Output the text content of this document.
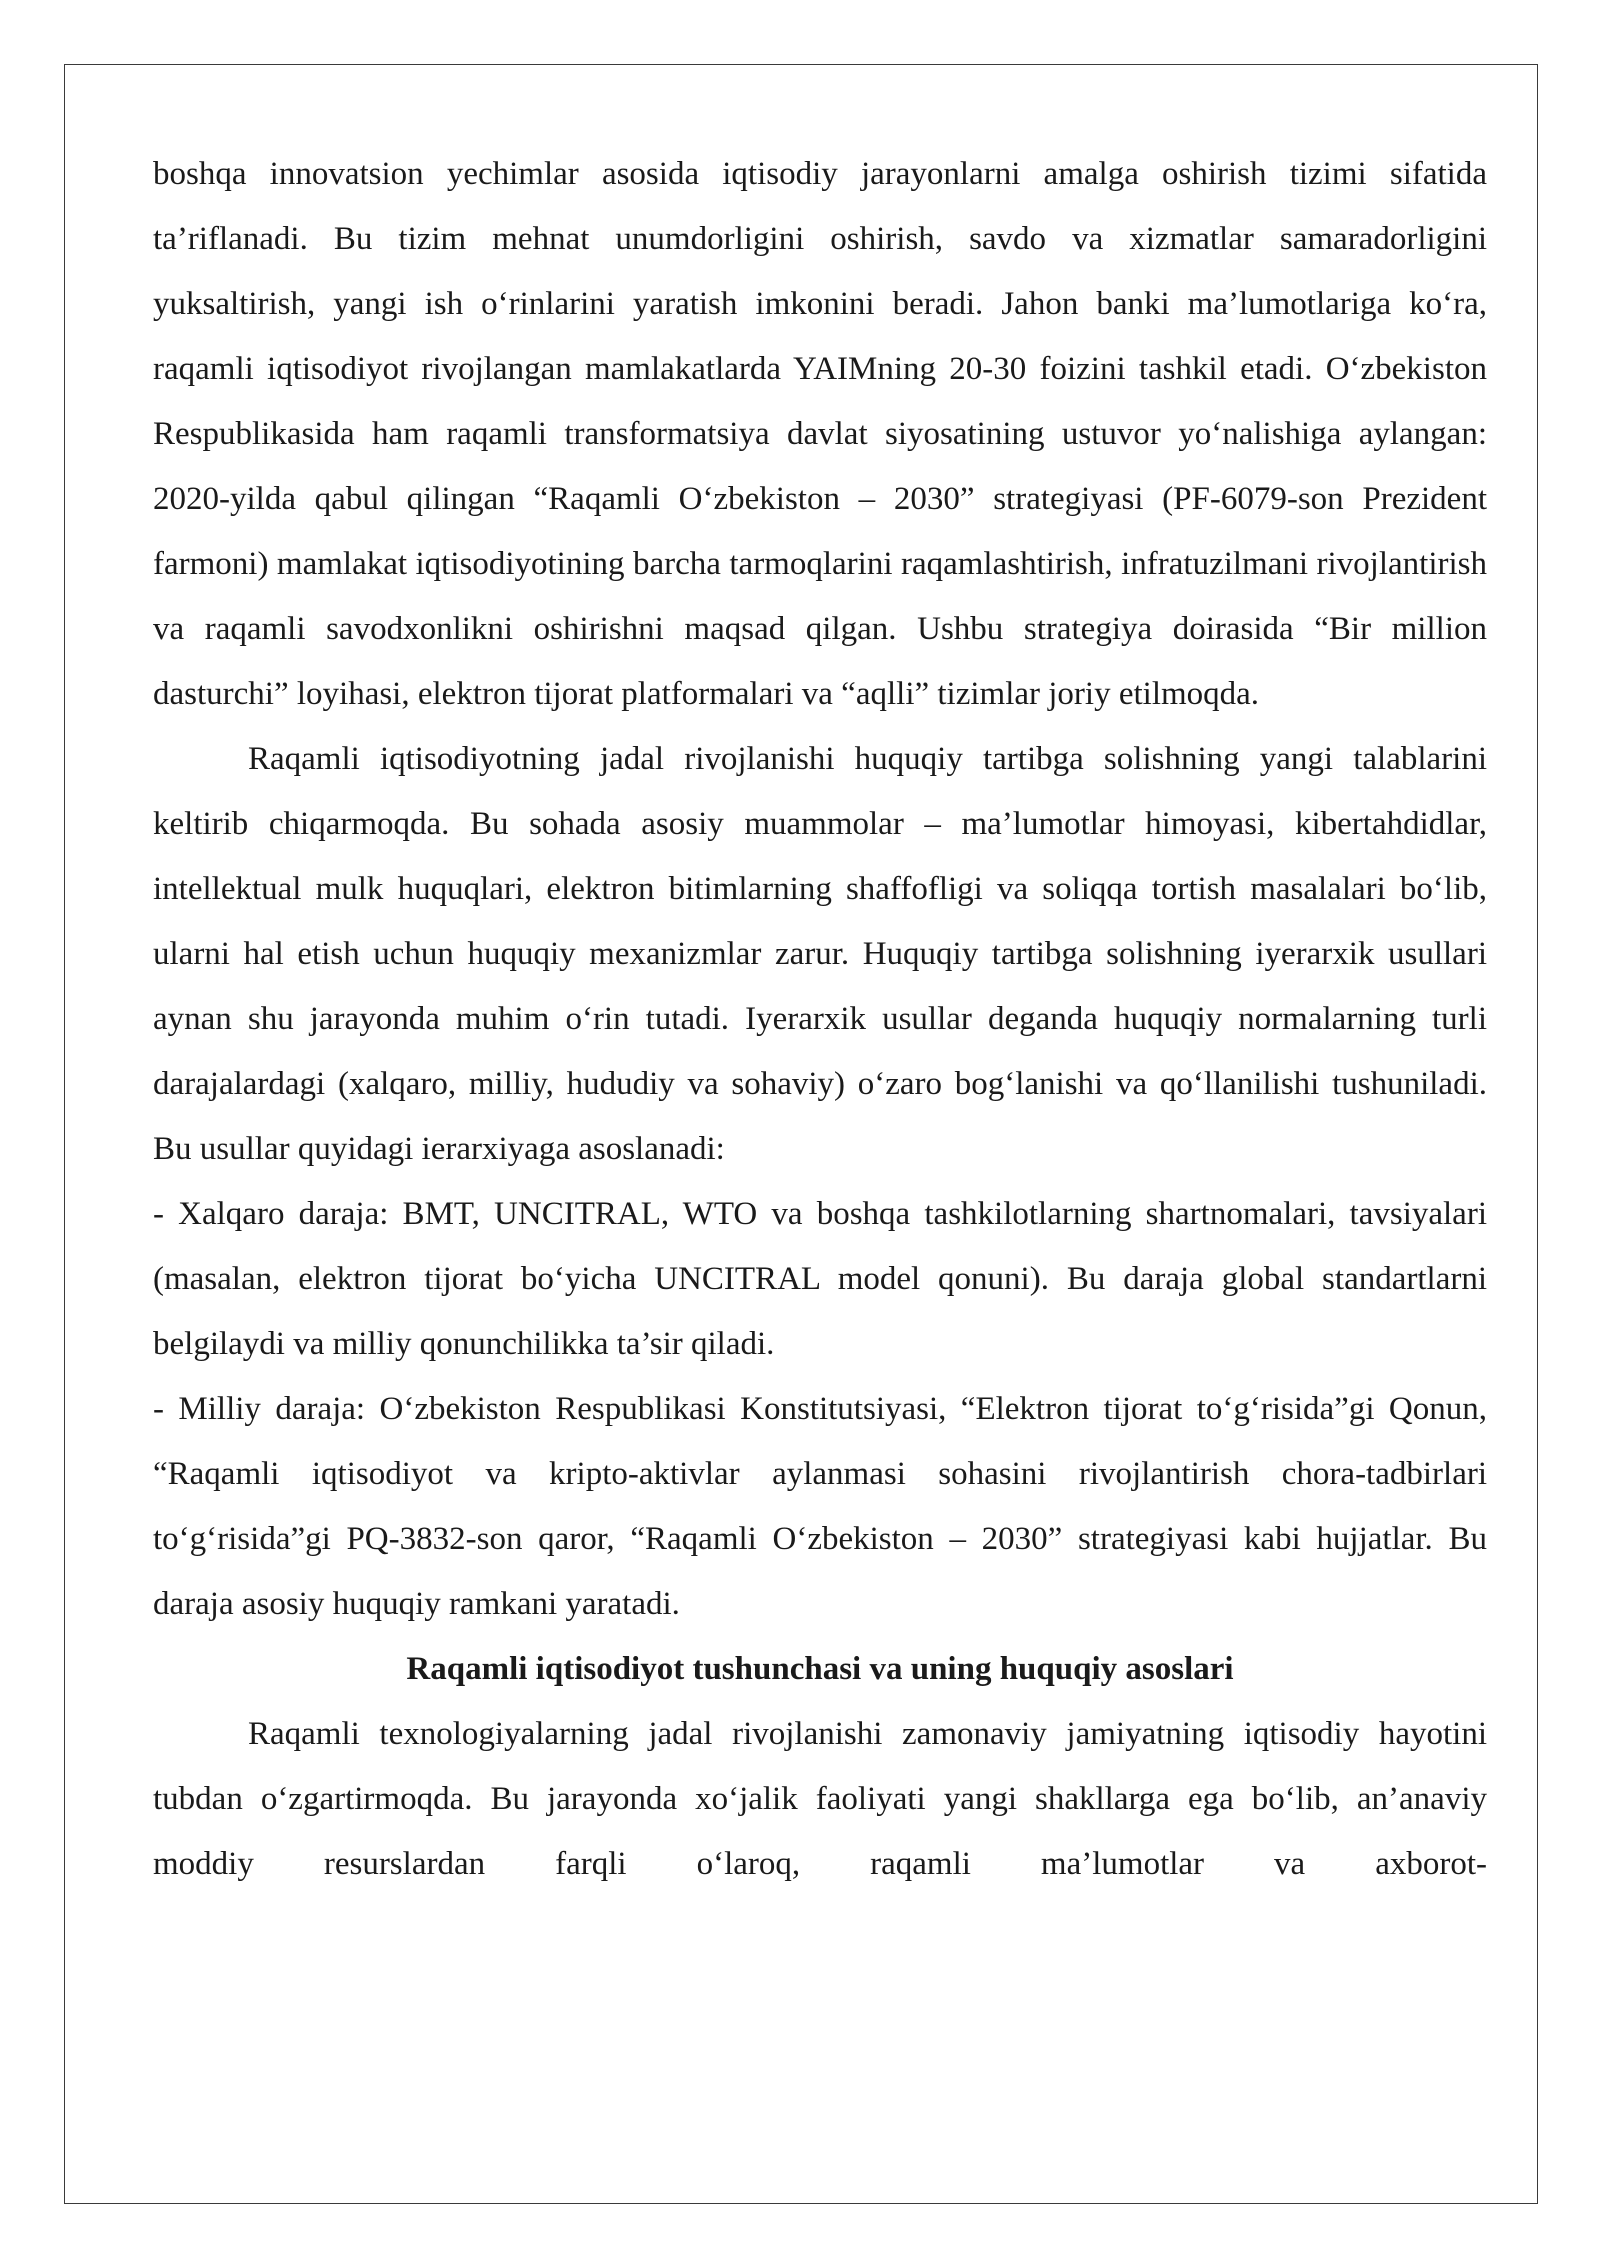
boshqa innovatsion yechimlar asosida iqtisodiy jarayonlarni amalga oshirish tizimi sifatida ta’riflanadi. Bu tizim mehnat unumdorligini oshirish, savdo va xizmatlar samaradorligini yuksaltirish, yangi ish o‘rinlarini yaratish imkonini beradi. Jahon banki ma’lumotlariga ko‘ra, raqamli iqtisodiyot rivojlangan mamlakatlarda YAIMning 20-30 foizini tashkil etadi. O‘zbekiston Respublikasida ham raqamli transformatsiya davlat siyosatining ustuvor yo‘nalishiga aylangan: 2020-yilda qabul qilingan “Raqamli O‘zbekiston – 2030” strategiyasi (PF-6079-son Prezident farmoni) mamlakat iqtisodiyotining barcha tarmoqlarini raqamlashtirish, infratuzilmani rivojlantirish va raqamli savodxonlikni oshirishni maqsad qilgan. Ushbu strategiya doirasida “Bir million dasturchi” loyihasi, elektron tijorat platformalari va “aqlli” tizimlar joriy etilmoqda.

Raqamli iqtisodiyotning jadal rivojlanishi huquqiy tartibga solishning yangi talablarini keltirib chiqarmoqda. Bu sohada asosiy muammolar – ma’lumotlar himoyasi, kibertahdidlar, intellektual mulk huquqlari, elektron bitimlarning shaffofligi va soliqqa tortish masalalari bo‘lib, ularni hal etish uchun huquqiy mexanizmlar zarur. Huquqiy tartibga solishning iyerarxik usullari aynan shu jarayonda muhim o‘rin tutadi. Iyerarxik usullar deganda huquqiy normalarning turli darajalardagi (xalqaro, milliy, hududiy va sohaviy) o‘zaro bog‘lanishi va qo‘llanilishi tushuniladi. Bu usullar quyidagi ierarxiyaga asoslanadi:

- Xalqaro daraja: BMT, UNCITRAL, WTO va boshqa tashkilotlarning shartnomalari, tavsiyalari (masalan, elektron tijorat bo‘yicha UNCITRAL model qonuni). Bu daraja global standartlarni belgilaydi va milliy qonunchilikka ta’sir qiladi.

- Milliy daraja: O‘zbekiston Respublikasi Konstitutsiyasi, “Elektron tijorat to‘g‘risida”gi Qonun, “Raqamli iqtisodiyot va kripto-aktivlar aylanmasi sohasini rivojlantirish chora-tadbirlari to‘g‘risida”gi PQ-3832-son qaror, “Raqamli O‘zbekiston – 2030” strategiyasi kabi hujjatlar. Bu daraja asosiy huquqiy ramkani yaratadi.

Raqamli iqtisodiyot tushunchasi va uning huquqiy asoslari

Raqamli texnologiyalarning jadal rivojlanishi zamonaviy jamiyatning iqtisodiy hayotini tubdan o‘zgartirmoqda. Bu jarayonda xo‘jalik faoliyati yangi shakllarga ega bo‘lib, an’anaviy moddiy resurslardan farqli o‘laroq, raqamli ma’lumotlar va axborot-
